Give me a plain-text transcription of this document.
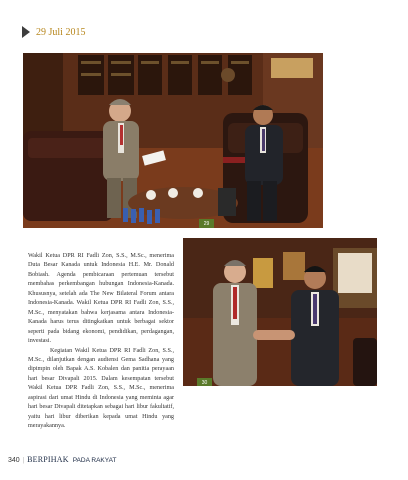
29 Juli 2015
29
30

Wakil Ketua DPR RI Fadli Zon, S.S., M.Sc., menerima Duta Besar Kanada untuk Indonesia H.E. Mr. Donald Bobiash. Agenda pembicaraan pertemuan tersebut membahas perkembangan hubungan Indonesia-Kanada. Khususnya, setelah ada The New Bilateral Forum antara Indonesia-Kanada. Wakil Ketua DPR RI Fadli Zon, S.S., M.Sc., menyatakan bahwa kerjasama antara Indonesia-Kanada harus terus ditingkatkan untuk berbagai sektor seperti pada bidang ekonomi, pendidikan, perdagangan, investasi.

Kegiatan Wakil Ketua DPR RI Fadli Zon, S.S., M.Sc., dilanjutkan dengan audiensi Gema Sadhana yang dipimpin oleh Bapak A.S. Kobalen dan panitia perayaan hari besar Divapali 2015. Dalam kesempatan tersebut Wakil Ketua DPR Fadli Zon, S.S., M.Sc., menerima aspirasi dari umat Hindu di Indonesia yang meminta agar hari besar Divapali ditetapkan sebagai hari libur fakultatif, yaitu hari libur diberikan kepada umat Hindu yang merayakannya.

340 | BERPIHAK PADA RAKYAT
